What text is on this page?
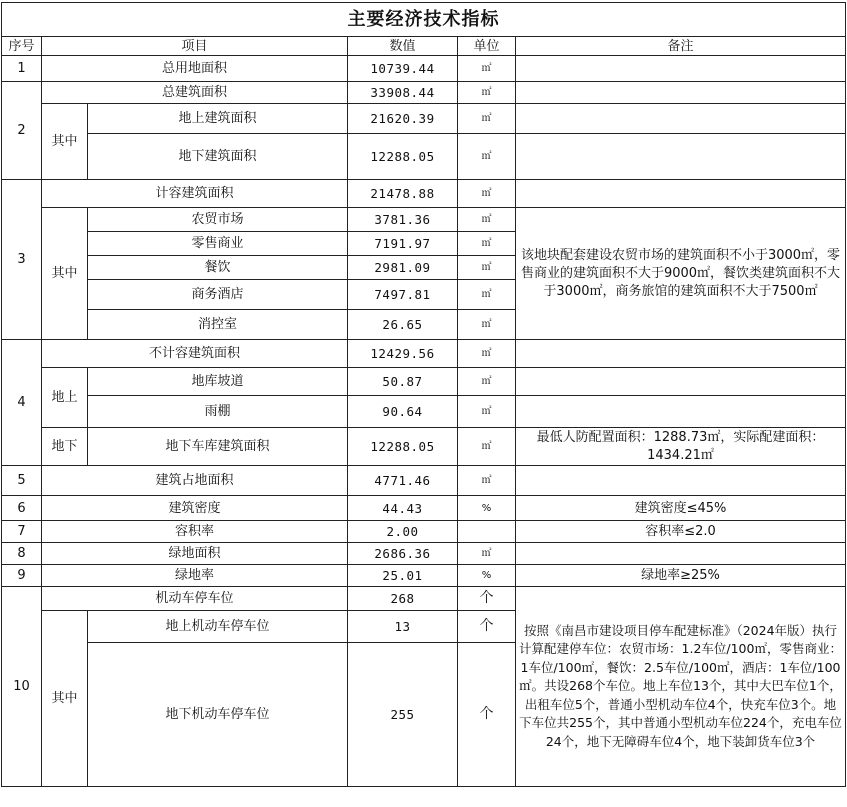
主要经济技术指标					
序号	项目		数值	单位	备注
1	总用地面积		10739.44	㎡	
2	总建筑面积		33908.44	㎡	
	其中	地上建筑面积	21620.39	㎡	
		地下建筑面积	12288.05	㎡	
3	计容建筑面积		21478.88	㎡	
	其中	农贸市场	3781.36	㎡	该地块配套建设农贸市场的建筑面积不小于3000㎡，零售商业的建筑面积不大于9000㎡，餐饮类建筑面积不大于3000㎡，商务旅馆的建筑面积不大于7500㎡
		零售商业	7191.97	㎡	
		餐饮	2981.09	㎡	
		商务酒店	7497.81	㎡	
		消控室	26.65	㎡	
4	不计容建筑面积		12429.56	㎡	
	地上	地库坡道	50.87	㎡	
		雨棚	90.64	㎡	
	地下	地下车库建筑面积	12288.05	㎡	最低人防配置面积：1288.73㎡，实际配建面积：1434.21㎡
5	建筑占地面积		4771.46	㎡	
6	建筑密度		44.43	%	建筑密度≤45%
7	容积率		2.00		容积率≤2.0
8	绿地面积		2686.36	㎡	
9	绿地率		25.01	%	绿地率≥25%
10	机动车停车位		268	个	按照《南昌市建设项目停车配建标准》（2024年版）执行计算配建停车位：农贸市场：1.2车位/100㎡，零售商业：1车位/100㎡，餐饮：2.5车位/100㎡，酒店：1车位/100㎡。共设268个车位。地上车位13个，其中大巴车位1个，出租车位5个，普通小型机动车位4个，快充车位3个。地下车位共255个，其中普通小型机动车位224个，充电车位24个，地下无障碍车位4个，地下装卸货车位3个
	其中	地上机动车停车位	13	个	
		地下机动车停车位	255	个	
